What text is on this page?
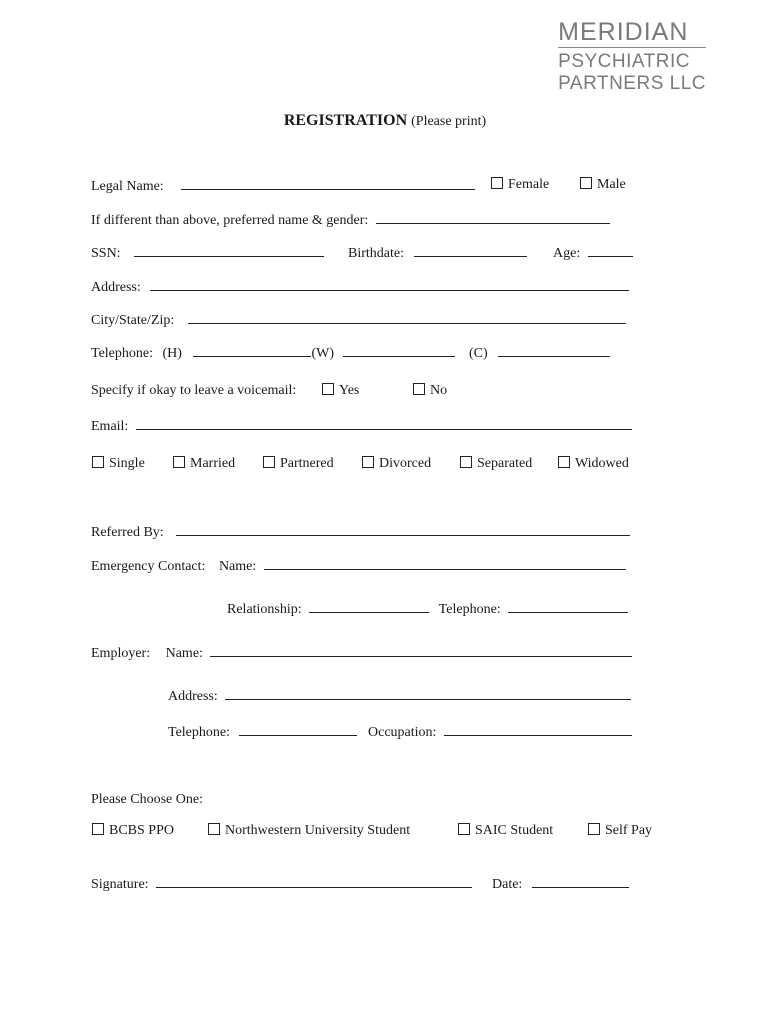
MERIDIAN
PSYCHIATRIC
PARTNERS LLC
REGISTRATION (Please print)
Legal Name:	Female	Male
If different than above, preferred name & gender:
SSN:	Birthdate:	Age:
Address:
City/State/Zip:
Telephone: (H)	(W)	(C)
Specify if okay to leave a voicemail:	Yes	No
Email:
Single	Married	Partnered	Divorced	Separated	Widowed
Referred By:
Emergency Contact: Name:
Relationship:	Telephone:
Employer: Name:
Address:
Telephone:	Occupation:
Please Choose One:
BCBS PPO	Northwestern University Student	SAIC Student	Self Pay
Signature:	Date:
